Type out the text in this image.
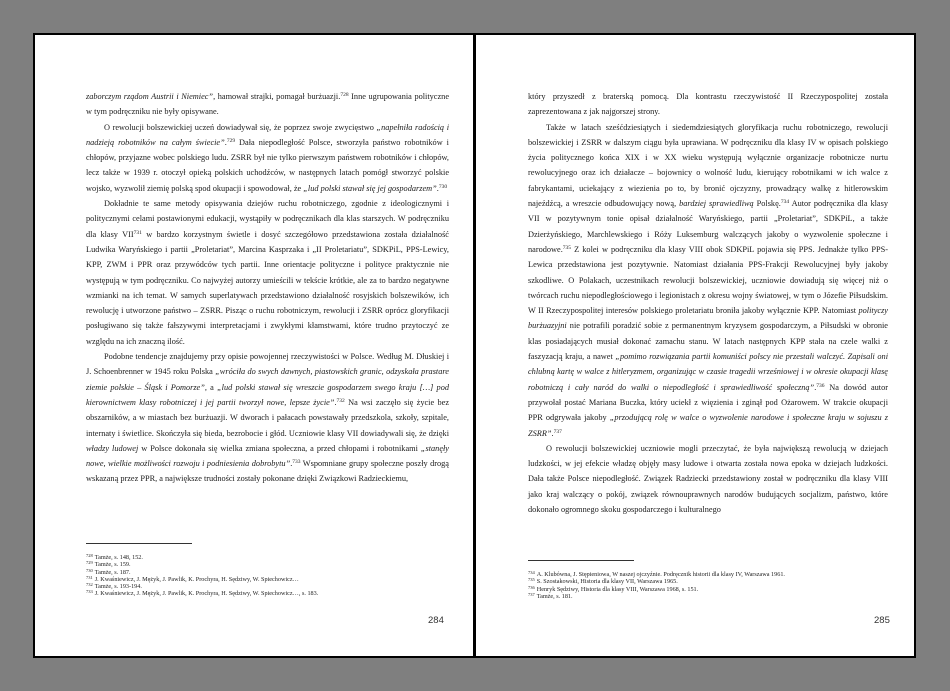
zaborczym rządom Austrii i Niemiec”, hamował strajki, pomagał burżuazji.$^{728}$ Inne ugrupowania polityczne w tym podręczniku nie były opisywane.

O rewolucji bolszewickiej uczeń dowiadywał się, że poprzez swoje zwycięstwo „napełniła radością i nadzieją robotników na całym świecie”.$^{729}$ Dała niepodległość Polsce, stworzyła państwo robotników i chłopów, przyjazne wobec polskiego ludu. ZSRR był nie tylko pierwszym państwem robotników i chłopów, lecz także w 1939 r. otoczył opieką polskich uchodźców, w następnych latach pomógł stworzyć polskie wojsko, wyzwolił ziemię polską spod okupacji i spowodował, że „lud polski stawał się jej gospodarzem”.$^{730}$

Dokładnie te same metody opisywania dziejów ruchu robotniczego, zgodnie z ideologicznymi i politycznymi celami postawionymi edukacji, wystąpiły w podręcznikach dla klas starszych. W podręczniku dla klasy VII$^{731}$ w bardzo korzystnym świetle i dosyć szczegółowo przedstawiona została działalność Ludwika Waryńskiego i partii „Proletariat”, Marcina Kasprzaka i „II Proletariatu”, SDKPiL, PPS-Lewicy, KPP, ZWM i PPR oraz przywódców tych partii. Inne orientacje polityczne i polityce praktycznie nie występują w tym podręczniku. Co najwyżej autorzy umieścili w tekście krótkie, ale za to bardzo negatywne wzmianki na ich temat. W samych superlatywach przedstawiono działalność rosyjskich bolszewików, ich rewolucję i utworzone państwo – ZSRR. Pisząc o ruchu robotniczym, rewolucji i ZSRR oprócz gloryfikacji posługiwano się także fałszywymi interpretacjami i zwykłymi kłamstwami, które trudno przytoczyć ze względu na ich znaczną ilość.

Podobne tendencje znajdujemy przy opisie powojennej rzeczywistości w Polsce. Według M. Dłuskiej i J. Schoenbrenner w 1945 roku Polska „wróciła do swych dawnych, piastowskich granic, odzyskała prastare ziemie polskie – Śląsk i Pomorze”, a „lud polski stawał się wreszcie gospodarzem swego kraju […] pod kierownictwem klasy robotniczej i jej partii tworzył nowe, lepsze życie”.$^{732}$ Na wsi zaczęło się życie bez obszarników, a w miastach bez burżuazji. W dworach i pałacach powstawały przedszkola, szkoły, szpitale, internaty i świetlice. Skończyła się bieda, bezrobocie i głód. Uczniowie klasy VII dowiadywali się, że dzięki władzy ludowej w Polsce dokonała się wielka zmiana społeczna, a przed chłopami i robotnikami „stanęły nowe, wielkie możliwości rozwoju i podniesienia dobrobytu”.$^{733}$ Wspomniane grupy społeczne poszły drogą wskazaną przez PPR, a największe trudności zostały pokonane dzięki Związkowi Radzieckiemu,

$^{728}$ Tamże, s. 148, 152.
$^{729}$ Tamże, s. 159.
$^{730}$ Tamże, s. 187.
$^{731}$ J. Kwaśniewicz, J. Mężyk, J. Pawlik, K. Prochyra, H. Sędziwy, W. Spiechowicz…
$^{732}$ Tamże, s. 193-194.
$^{733}$ J. Kwaśniewicz, J. Mężyk, J. Pawlik, K. Prochyra, H. Sędziwy, W. Spiechowicz…, s. 183.
284

który przyszedł z braterską pomocą. Dla kontrastu rzeczywistość II Rzeczypospolitej została zaprezentowana z jak najgorszej strony.

Także w latach sześćdziesiątych i siedemdziesiątych gloryfikacja ruchu robotniczego, rewolucji bolszewickiej i ZSRR w dalszym ciągu była uprawiana. W podręczniku dla klasy IV w opisach polskiego życia politycznego końca XIX i w XX wieku występują wyłącznie organizacje robotnicze nurtu rewolucyjnego oraz ich działacze – bojownicy o wolność ludu, kierujący robotnikami w ich walce z fabrykantami, uciekający z wiezienia po to, by bronić ojczyzny, prowadzący walkę z hitlerowskim najeźdźcą, a wreszcie odbudowujący nową, bardziej sprawiedliwą Polskę.$^{734}$ Autor podręcznika dla klasy VII w pozytywnym tonie opisał działalność Waryńskiego, partii „Proletariat”, SDKPiL, a także Dzierżyńskiego, Marchlewskiego i Róży Luksemburg walczących jakoby o wyzwolenie społeczne i narodowe.$^{735}$ Z kolei w podręczniku dla klasy VIII obok SDKPiL pojawia się PPS. Jednakże tylko PPS-Lewica przedstawiona jest pozytywnie. Natomiast działania PPS-Frakcji Rewolucyjnej były jakoby szkodliwe. O Polakach, uczestnikach rewolucji bolszewickiej, uczniowie dowiadują się więcej niż o twórcach ruchu niepodległościowego i legionistach z okresu wojny światowej, w tym o Józefie Piłsudskim. W II Rzeczypospolitej interesów polskiego proletariatu broniła jakoby wyłącznie KPP. Natomiast polityczy burżuazyjni nie potrafili poradzić sobie z permanentnym kryzysem gospodarczym, a Piłsudski w obronie klas posiadających musiał dokonać zamachu stanu. W latach następnych KPP stała na czele walki z faszyzacją kraju, a nawet „pomimo rozwiązania partii komuniści polscy nie przestali walczyć. Zapisali oni chlubną kartę w walce z hitleryzmem, organizując w czasie tragedii wrześniowej i w okresie okupacji klasę robotniczą i cały naród do walki o niepodległość i sprawiedliwość społeczną”.$^{736}$ Na dowód autor przywołał postać Mariana Buczka, który uciekł z więzienia i zginął pod Ożarowem. W trakcie okupacji PPR odgrywała jakoby „przodującą rolę w walce o wyzwolenie narodowe i społeczne kraju w sojuszu z ZSRR”.$^{737}$

O rewolucji bolszewickiej uczniowie mogli przeczytać, że była największą rewolucją w dziejach ludzkości, w jej efekcie władzę objęły masy ludowe i otwarta została nowa epoka w dziejach ludzkości. Dała także Polsce niepodległość. Związek Radziecki przedstawiony został w podręczniku dla klasy VIII jako kraj walczący o pokój, związek równouprawnych narodów budujących socjalizm, państwo, które dokonało ogromnego skoku gospodarczego i kulturalnego

$^{734}$ A. Klubówna, J. Stępieniowa, W naszej ojczyźnie. Podręcznik historii dla klasy IV, Warszawa 1961.
$^{735}$ S. Szostakowski, Historia dla klasy VII, Warszawa 1965.
$^{736}$ Henryk Sędziwy, Historia dla klasy VIII, Warszawa 1968, s. 151.
$^{737}$ Tamże, s. 181.
285
